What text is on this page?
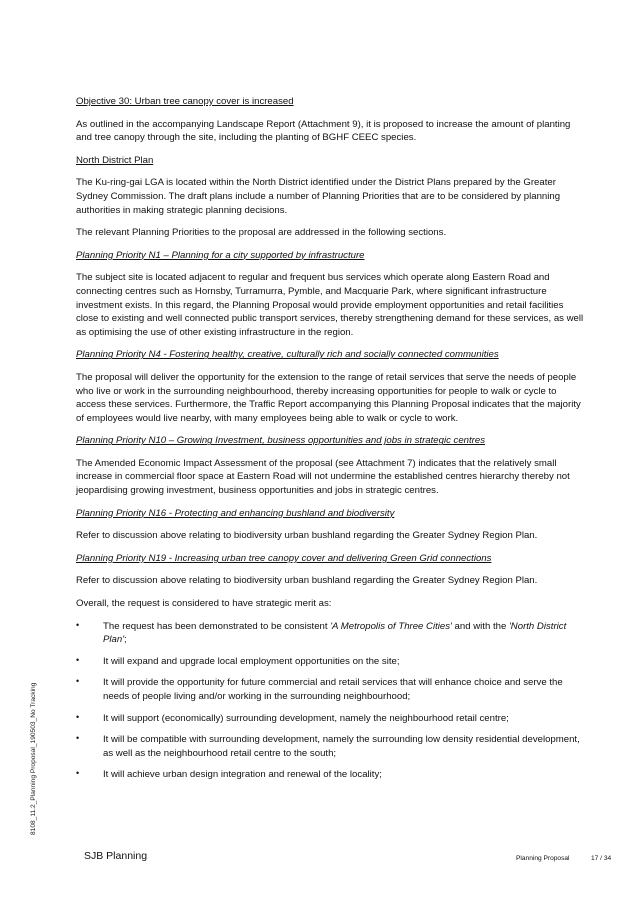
Objective 30: Urban tree canopy cover is increased

As outlined in the accompanying Landscape Report (Attachment 9), it is proposed to increase the amount of planting and tree canopy through the site, including the planting of BGHF CEEC species.

North District Plan

The Ku-ring-gai LGA is located within the North District identified under the District Plans prepared by the Greater Sydney Commission. The draft plans include a number of Planning Priorities that are to be considered by planning authorities in making strategic planning decisions.

The relevant Planning Priorities to the proposal are addressed in the following sections.

Planning Priority N1 – Planning for a city supported by infrastructure

The subject site is located adjacent to regular and frequent bus services which operate along Eastern Road and connecting centres such as Hornsby, Turramurra, Pymble, and Macquarie Park, where significant infrastructure investment exists. In this regard, the Planning Proposal would provide employment opportunities and retail facilities close to existing and well connected public transport services, thereby strengthening demand for these services, as well as optimising the use of other existing infrastructure in the region.

Planning Priority N4 - Fostering healthy, creative, culturally rich and socially connected communities

The proposal will deliver the opportunity for the extension to the range of retail services that serve the needs of people who live or work in the surrounding neighbourhood, thereby increasing opportunities for people to walk or cycle to access these services. Furthermore, the Traffic Report accompanying this Planning Proposal indicates that the majority of employees would live nearby, with many employees being able to walk or cycle to work.

Planning Priority N10 – Growing Investment, business opportunities and jobs in strategic centres

The Amended Economic Impact Assessment of the proposal (see Attachment 7) indicates that the relatively small increase in commercial floor space at Eastern Road will not undermine the established centres hierarchy thereby not jeopardising growing investment, business opportunities and jobs in strategic centres.

Planning Priority N16 - Protecting and enhancing bushland and biodiversity

Refer to discussion above relating to biodiversity urban bushland regarding the Greater Sydney Region Plan.

Planning Priority N19 - Increasing urban tree canopy cover and delivering Green Grid connections

Refer to discussion above relating to biodiversity urban bushland regarding the Greater Sydney Region Plan.

Overall, the request is considered to have strategic merit as:

• The request has been demonstrated to be consistent 'A Metropolis of Three Cities' and with the 'North District Plan';
• It will expand and upgrade local employment opportunities on the site;
• It will provide the opportunity for future commercial and retail services that will enhance choice and serve the needs of people living and/or working in the surrounding neighbourhood;
• It will support (economically) surrounding development, namely the neighbourhood retail centre;
• It will be compatible with surrounding development, namely the surrounding low density residential development, as well as the neighbourhood retail centre to the south;
• It will achieve urban design integration and renewal of the locality;
8108_11.2_Planning Proposal_190503_No Tracking
SJB Planning	Planning Proposal	17 / 34
